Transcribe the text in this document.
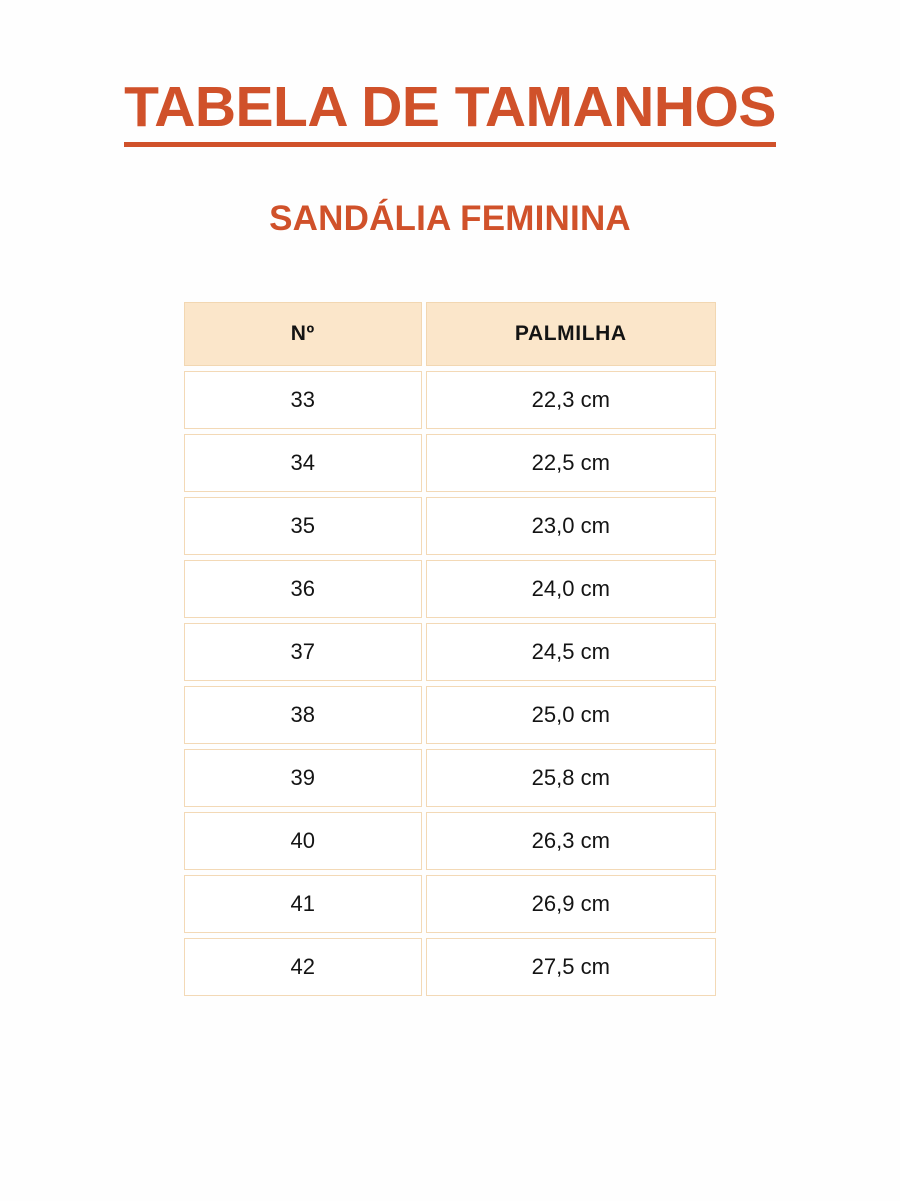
TABELA DE TAMANHOS
SANDÁLIA FEMININA
Nº	PALMILHA
33	22,3 cm
34	22,5 cm
35	23,0 cm
36	24,0 cm
37	24,5 cm
38	25,0 cm
39	25,8 cm
40	26,3 cm
41	26,9 cm
42	27,5 cm
